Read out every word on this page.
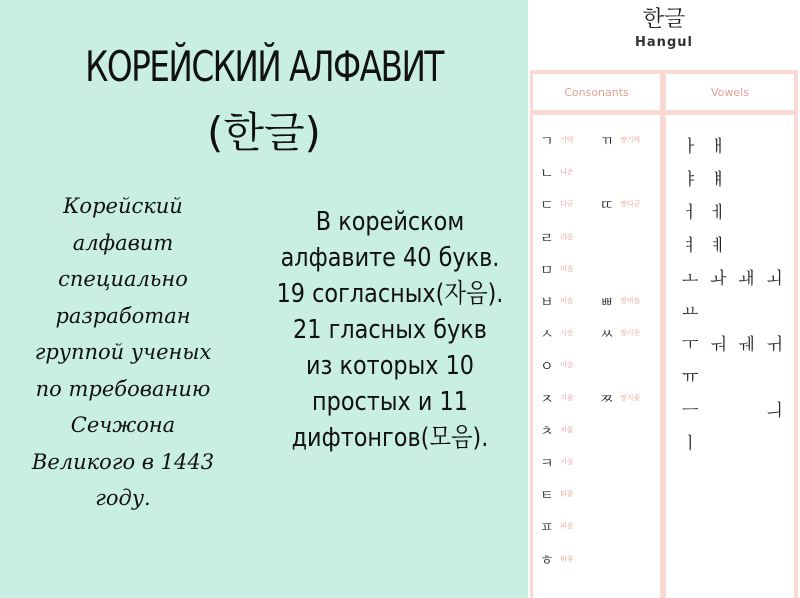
КОРЕЙСКИЙ АЛФАВИТ
(한글)
Корейский
алфавит
специально
разработан
группой ученых
по требованию
Сечжона
Великого в 1443
году.
В корейском
алфавите 40 букв.
19 согласных(자음).
21 гласных букв
из которых 10
простых и 11
дифтонгов(모음).
한글
Hangul
Consonants	Vowels
ㄱ 기역 ㄲ 쌍기역
ㄴ 니은
ㄷ 디귿 ㄸ 쌍디귿
ㄹ 리을
ㅁ 미음
ㅂ 비읍 ㅃ 쌍비읍
ㅅ 시옷 ㅆ 쌍시옷
ㅇ 이응
ㅈ 지읒 ㅉ 쌍지읒
ㅊ 치읓
ㅋ 키읔
ㅌ 티읕
ㅍ 피읖
ㅎ 히읗
ㅏ ㅐ
ㅑ ㅒ
ㅓ ㅔ
ㅕ ㅖ
ㅗ ㅘ ㅙ ㅚ
ㅛ
ㅜ ㅝ ㅞ ㅟ
ㅠ
ㅡ	ㅢ
ㅣ
